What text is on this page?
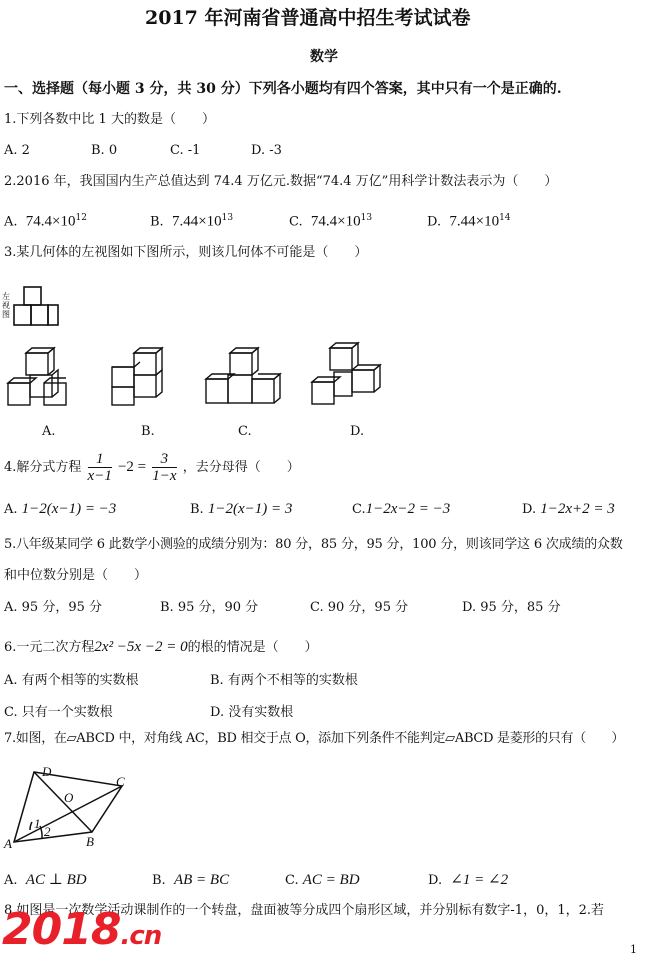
2017 年河南省普通高中招生考试试卷
数学
一、选择题（每小题 3 分，共 30 分）下列各小题均有四个答案，其中只有一个是正确的.
1.下列各数中比 1 大的数是（　　）
A. 2	B. 0	C. -1	D. -3
2.2016 年，我国国内生产总值达到 74.4 万亿元.数据“74.4 万亿”用科学计数法表示为（　　）
A. $74.4\times 10^{12}$	B. $7.44\times 10^{13}$	C. $74.4\times 10^{13}$	D. $7.44\times 10^{14}$
3.某几何体的左视图如下图所示，则该几何体不可能是（　　）
左视图
A.	B.	C.	D.
4.解分式方程 $\frac{1}{x-1} -2 = \frac{3}{1-x}$ ，去分母得（　　）
A. 1−2(x−1) = −3	B. 1−2(x−1) = 3	C.1−2x−2 = −3	D. 1−2x+2 = 3
5.八年级某同学 6 此数学小测验的成绩分别为：80 分，85 分，95 分，100 分，则该同学这 6 次成绩的众数
和中位数分别是（　　）
A. 95 分，95 分	B. 95 分，90 分	C. 90 分，95 分	D. 95 分，85 分
6.一元二次方程2x² −5x −2 = 0的根的情况是（　　）
A. 有两个相等的实数根	B. 有两个不相等的实数根
C. 只有一个实数根	D. 没有实数根
7.如图，在▱ABCD 中，对角线 AC，BD 相交于点 O，添加下列条件不能判定▱ABCD 是菱形的只有（　　）
D
C
O
A	B
1
2
A. AC ⊥ BD	B. AB = BC	C. AC = BD	D. ∠1 = ∠2
8.如图是一次数学活动课制作的一个转盘，盘面被等分成四个扇形区域，并分别标有数字-1，0，1，2.若
2018.cn	1
